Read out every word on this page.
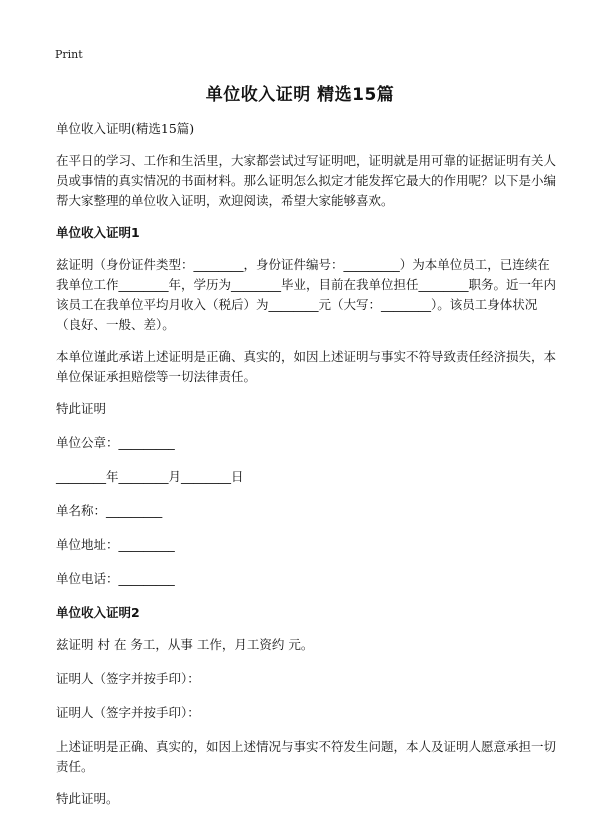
Print
单位收入证明 精选15篇

单位收入证明(精选15篇)

在平日的学习、工作和生活里，大家都尝试过写证明吧，证明就是用可靠的证据证明有关人员或事情的真实情况的书面材料。那么证明怎么拟定才能发挥它最大的作用呢？以下是小编帮大家整理的单位收入证明，欢迎阅读，希望大家能够喜欢。

单位收入证明1

兹证明（身份证件类型：________，身份证件编号：_________）为本单位员工，已连续在我单位工作________年，学历为________毕业，目前在我单位担任________职务。近一年内该员工在我单位平均月收入（税后）为________元（大写：________）。该员工身体状况（良好、一般、差）。

本单位谨此承诺上述证明是正确、真实的，如因上述证明与事实不符导致责任经济损失，本单位保证承担赔偿等一切法律责任。

特此证明

单位公章：_________

________年________月________日

单名称：_________

单位地址：_________

单位电话：_________

单位收入证明2

兹证明 村 在 务工，从事 工作，月工资约 元。

证明人（签字并按手印）：

证明人（签字并按手印）：

上述证明是正确、真实的，如因上述情况与事实不符发生问题，本人及证明人愿意承担一切责任。

特此证明。
